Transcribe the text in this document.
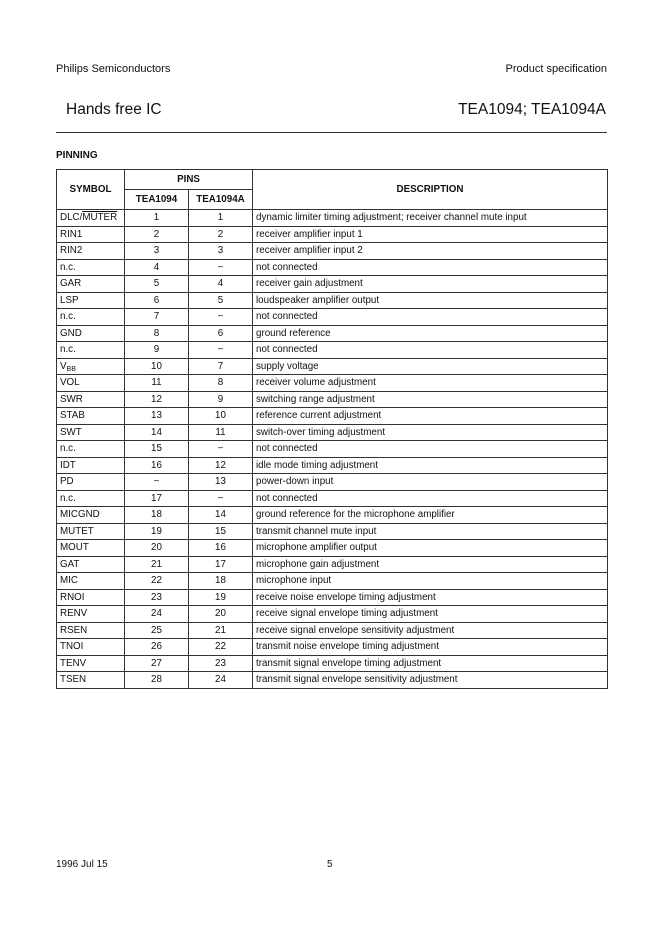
Philips Semiconductors	Product specification
Hands free IC	TEA1094; TEA1094A
PINNING
SYMBOL	PINS		DESCRIPTION
	TEA1094	TEA1094A	
DLC/MUTER	1	1	dynamic limiter timing adjustment; receiver channel mute input
RIN1	2	2	receiver amplifier input 1
RIN2	3	3	receiver amplifier input 2
n.c.	4	−	not connected
GAR	5	4	receiver gain adjustment
LSP	6	5	loudspeaker amplifier output
n.c.	7	−	not connected
GND	8	6	ground reference
n.c.	9	−	not connected
$V_{BB}$	10	7	supply voltage
VOL	11	8	receiver volume adjustment
SWR	12	9	switching range adjustment
STAB	13	10	reference current adjustment
SWT	14	11	switch-over timing adjustment
n.c.	15	−	not connected
IDT	16	12	idle mode timing adjustment
PD	−	13	power-down input
n.c.	17	−	not connected
MICGND	18	14	ground reference for the microphone amplifier
MUTET	19	15	transmit channel mute input
MOUT	20	16	microphone amplifier output
GAT	21	17	microphone gain adjustment
MIC	22	18	microphone input
RNOI	23	19	receive noise envelope timing adjustment
RENV	24	20	receive signal envelope timing adjustment
RSEN	25	21	receive signal envelope sensitivity adjustment
TNOI	26	22	transmit noise envelope timing adjustment
TENV	27	23	transmit signal envelope timing adjustment
TSEN	28	24	transmit signal envelope sensitivity adjustment
1996 Jul 15	5
